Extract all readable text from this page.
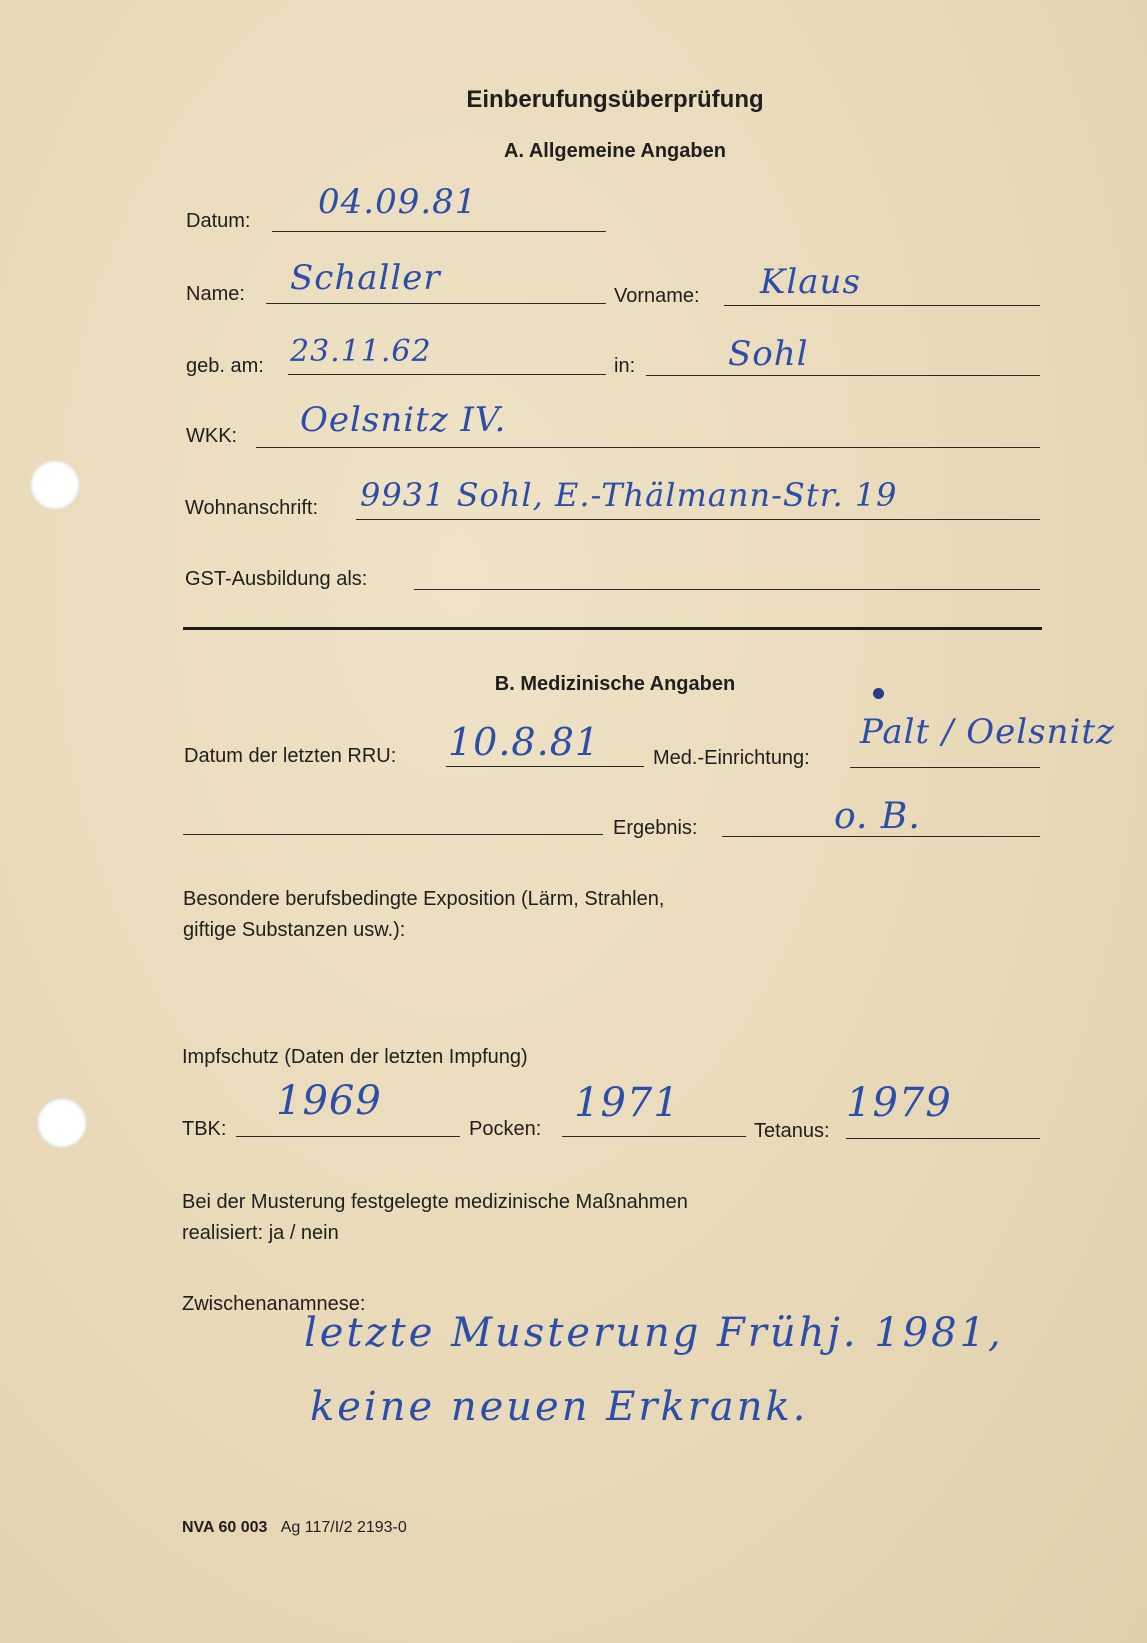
Einberufungsüberprüfung
A. Allgemeine Angaben
Datum: 04.09.81
Name: Schaller	Vorname: Klaus
geb. am: 23.11.62	in:	Sohl
WKK: Oelsnitz IV.
Wohnanschrift: 9931 Sohl, E.-Thälmann-Str. 19
GST-Ausbildung als:
B. Medizinische Angaben
Datum der letzten RRU: 10.8.81	Med.-Einrichtung:
Palt / Oelsnitz
Ergebnis:	o. B.
Besondere berufsbedingte Exposition (Lärm, Strahlen,
giftige Substanzen usw.):
Impfschutz (Daten der letzten Impfung)
TBK:
1969
Pocken:
1971
Tetanus:
1979
Bei der Musterung festgelegte medizinische Maßnahmen
realisiert: ja / nein
Zwischenanamnese:
letzte Musterung Frühj. 1981,
keine neuen Erkrank.
NVA 60 003 Ag 117/I/2 2193-0
